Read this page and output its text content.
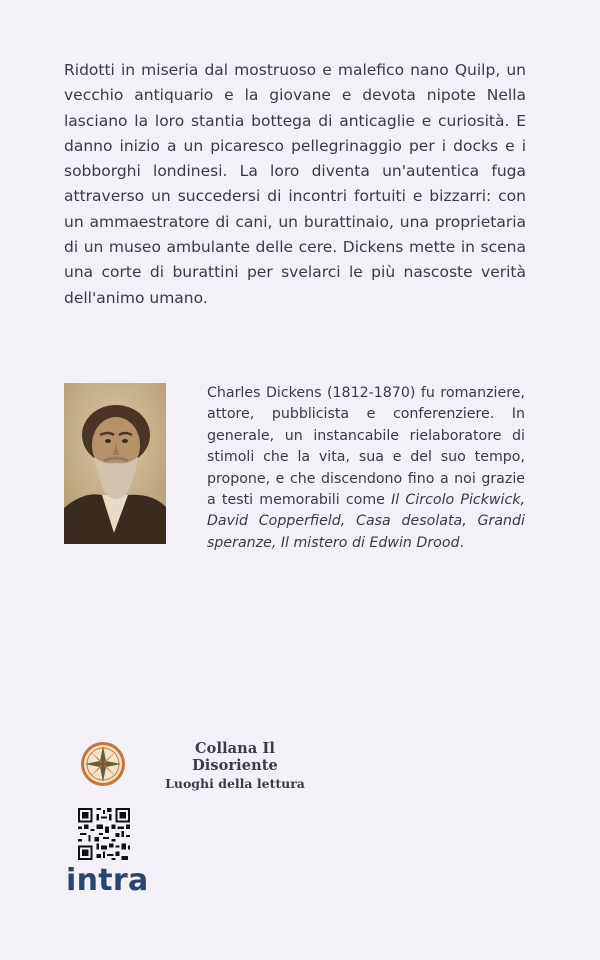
Ridotti in miseria dal mostruoso e malefico nano Quilp, un vecchio antiquario e la giovane e devota nipote Nella lasciano la loro stantia bottega di anticaglie e curiosità. E danno inizio a un picaresco pellegrinaggio per i docks e i sobborghi londinesi. La loro diventa un'autentica fuga attraverso un succedersi di incontri fortuiti e bizzarri: con un ammaestratore di cani, un burattinaio, una proprietaria di un museo ambulante delle cere. Dickens mette in scena una corte di burattini per svelarci le più nascoste verità dell'animo umano.

Charles Dickens (1812-1870) fu romanziere, attore, pubblicista e conferenziere. In generale, un instancabile rielaboratore di stimoli che la vita, sua e del suo tempo, propone, e che discendono fino a noi grazie a testi memorabili come Il Circolo Pickwick, David Copperfield, Casa desolata, Grandi speranze, Il mistero di Edwin Drood.

Collana Il Disoriente
Luoghi della lettura
intra
